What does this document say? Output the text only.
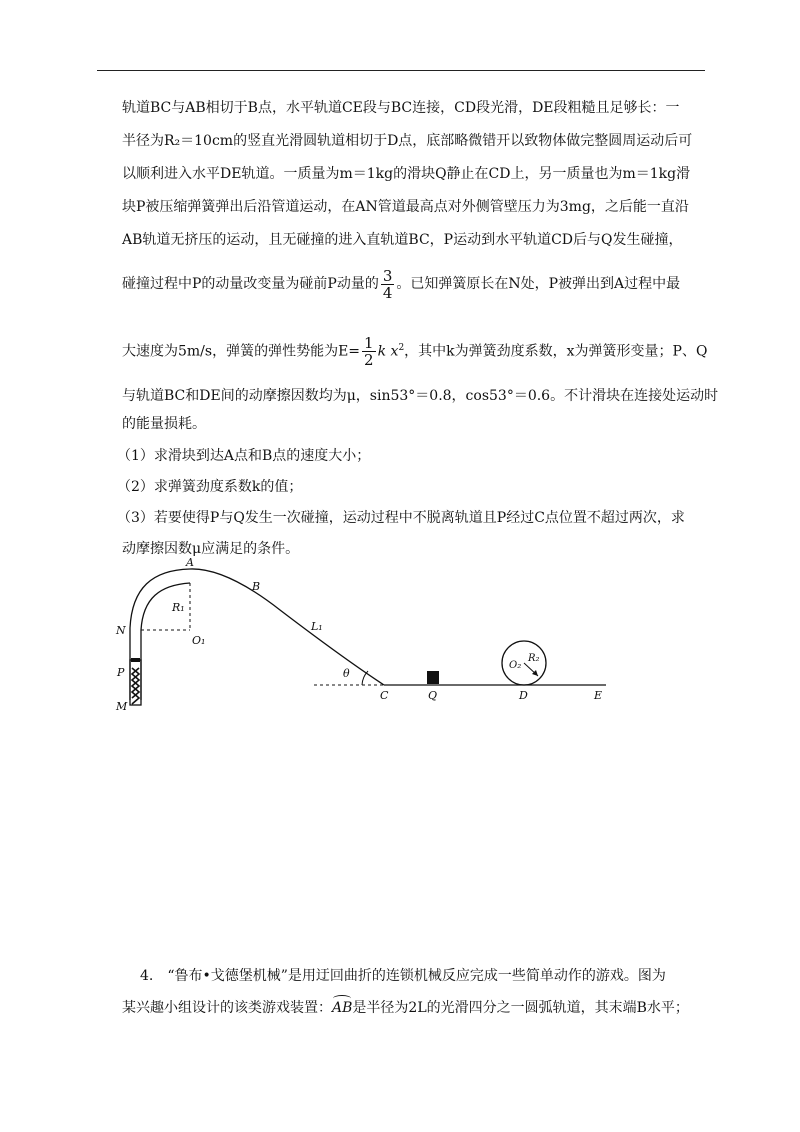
轨道BC与AB相切于B点，水平轨道CE段与BC连接，CD段光滑，DE段粗糙且足够长：一
半径为R₂＝10cm的竖直光滑圆轨道相切于D点，底部略微错开以致物体做完整圆周运动后可
以顺利进入水平DE轨道。一质量为m＝1kg的滑块Q静止在CD上，另一质量也为m＝1kg滑
块P被压缩弹簧弹出后沿管道运动，在AN管道最高点对外侧管壁压力为3mg，之后能一直沿
AB轨道无挤压的运动，且无碰撞的进入直轨道BC，P运动到水平轨道CD后与Q发生碰撞，
碰撞过程中P的动量改变量为碰前P动量的 $\frac{3}{4}$ 。已知弹簧原长在N处，P被弹出到A过程中最
大速度为5m/s，弹簧的弹性势能为$E= \frac{1}{2}$ k $x^2$，其中k为弹簧劲度系数，x为弹簧形变量；P、Q
与轨道BC和DE间的动摩擦因数均为μ，sin53°＝0.8，cos53°＝0.6。不计滑块在连接处运动时
的能量损耗。
（1）求滑块到达A点和B点的速度大小；
（2）求弹簧劲度系数k的值；
（3）若要使得P与Q发生一次碰撞，运动过程中不脱离轨道且P经过C点位置不超过两次，求
动摩擦因数μ应满足的条件。
A
B
R₁
N
O₁
L₁
P
M
θ
C	Q	D	E
O₂
R₂
4.　“鲁布•戈德堡机械”是用迂回曲折的连锁机械反应完成一些简单动作的游戏。图为
某兴趣小组设计的该类游戏装置：AB是半径为2L的光滑四分之一圆弧轨道，其末端B水平；
